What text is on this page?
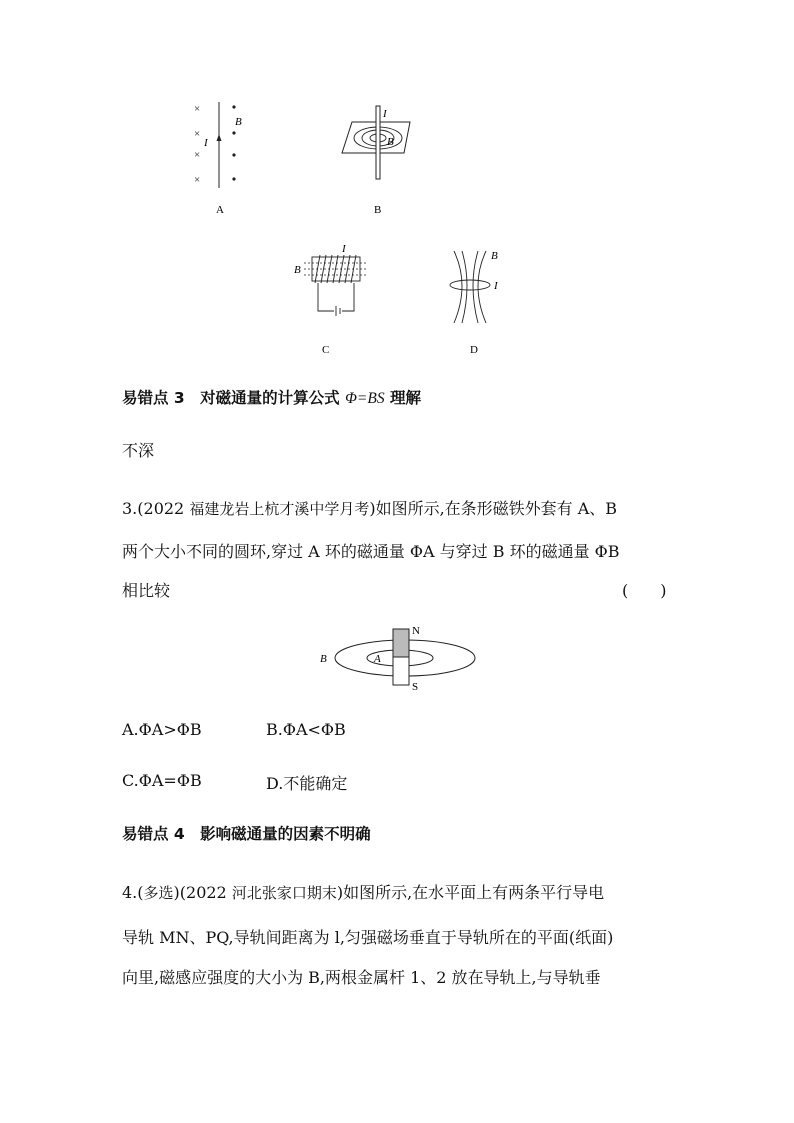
×
×
×
×
I
B
A
I
B
B
I
B
C
B
I
D
易错点 3　对磁通量的计算公式 Φ=BS 理解
不深
3.(2022 福建龙岩上杭才溪中学月考)如图所示,在条形磁铁外套有 A、B
两个大小不同的圆环,穿过 A 环的磁通量 ΦA 与穿过 B 环的磁通量 ΦB
相比较	(　　)
N
S
A
B
A.ΦA>ΦB	B.ΦA<ΦB
C.ΦA=ΦB	D.不能确定
易错点 4　影响磁通量的因素不明确
4.(多选)(2022 河北张家口期末)如图所示,在水平面上有两条平行导电
导轨 MN、PQ,导轨间距离为 l,匀强磁场垂直于导轨所在的平面(纸面)
向里,磁感应强度的大小为 B,两根金属杆 1、2 放在导轨上,与导轨垂
